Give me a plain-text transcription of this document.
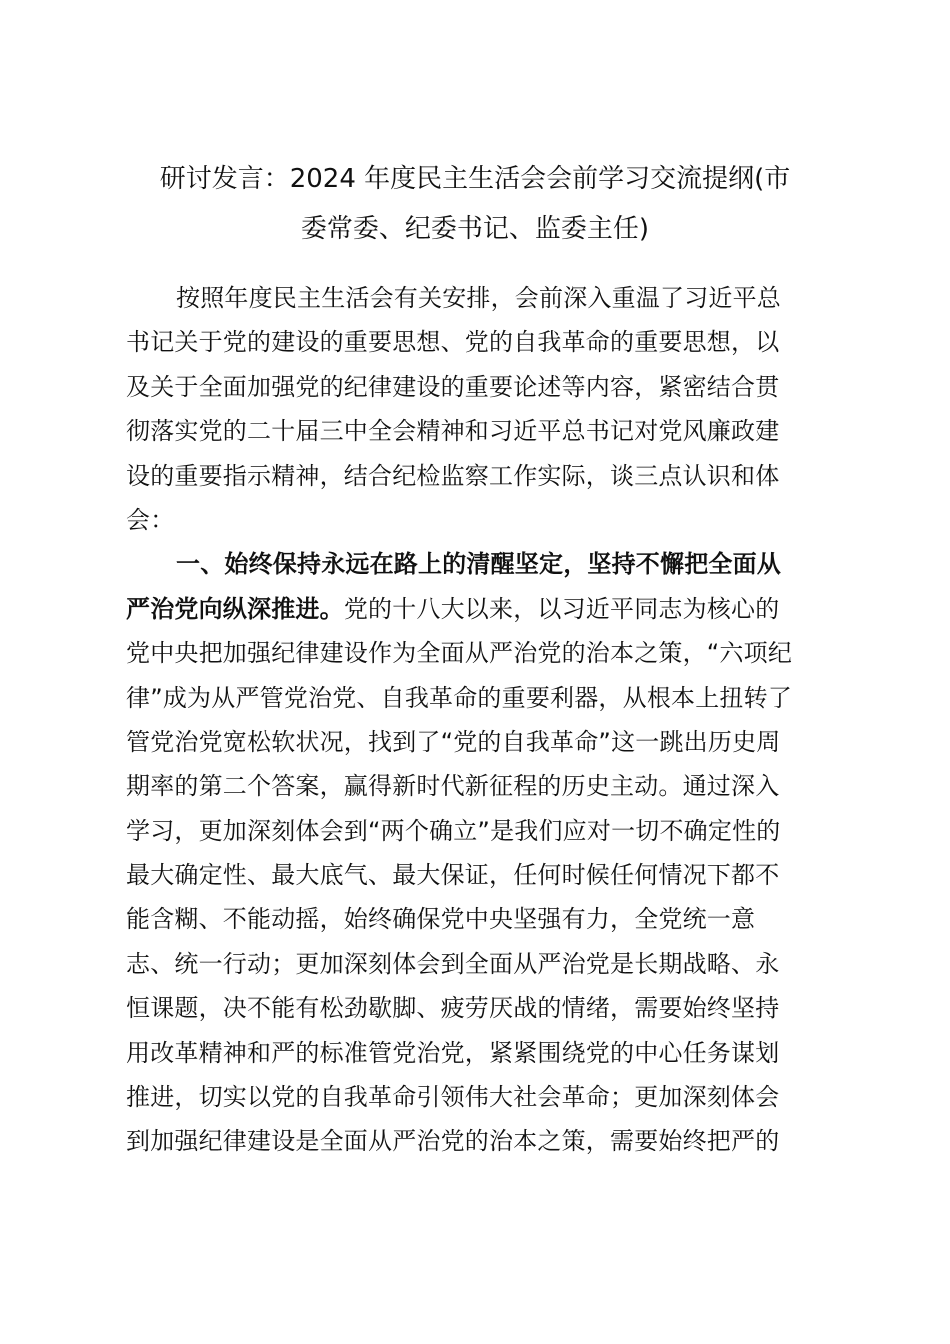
研讨发言：2024 年度民主生活会会前学习交流提纲(市
委常委、纪委书记、监委主任)
按照年度民主生活会有关安排，会前深入重温了习近平总
书记关于党的建设的重要思想、党的自我革命的重要思想，以
及关于全面加强党的纪律建设的重要论述等内容，紧密结合贯
彻落实党的二十届三中全会精神和习近平总书记对党风廉政建
设的重要指示精神，结合纪检监察工作实际，谈三点认识和体
会：
一、始终保持永远在路上的清醒坚定，坚持不懈把全面从
严治党向纵深推进。党的十八大以来，以习近平同志为核心的
党中央把加强纪律建设作为全面从严治党的治本之策，“六项纪
律”成为从严管党治党、自我革命的重要利器，从根本上扭转了
管党治党宽松软状况，找到了“党的自我革命”这一跳出历史周
期率的第二个答案，赢得新时代新征程的历史主动。通过深入
学习，更加深刻体会到“两个确立”是我们应对一切不确定性的
最大确定性、最大底气、最大保证，任何时候任何情况下都不
能含糊、不能动摇，始终确保党中央坚强有力，全党统一意
志、统一行动；更加深刻体会到全面从严治党是长期战略、永
恒课题，决不能有松劲歇脚、疲劳厌战的情绪，需要始终坚持
用改革精神和严的标准管党治党，紧紧围绕党的中心任务谋划
推进，切实以党的自我革命引领伟大社会革命；更加深刻体会
到加强纪律建设是全面从严治党的治本之策，需要始终把严的
